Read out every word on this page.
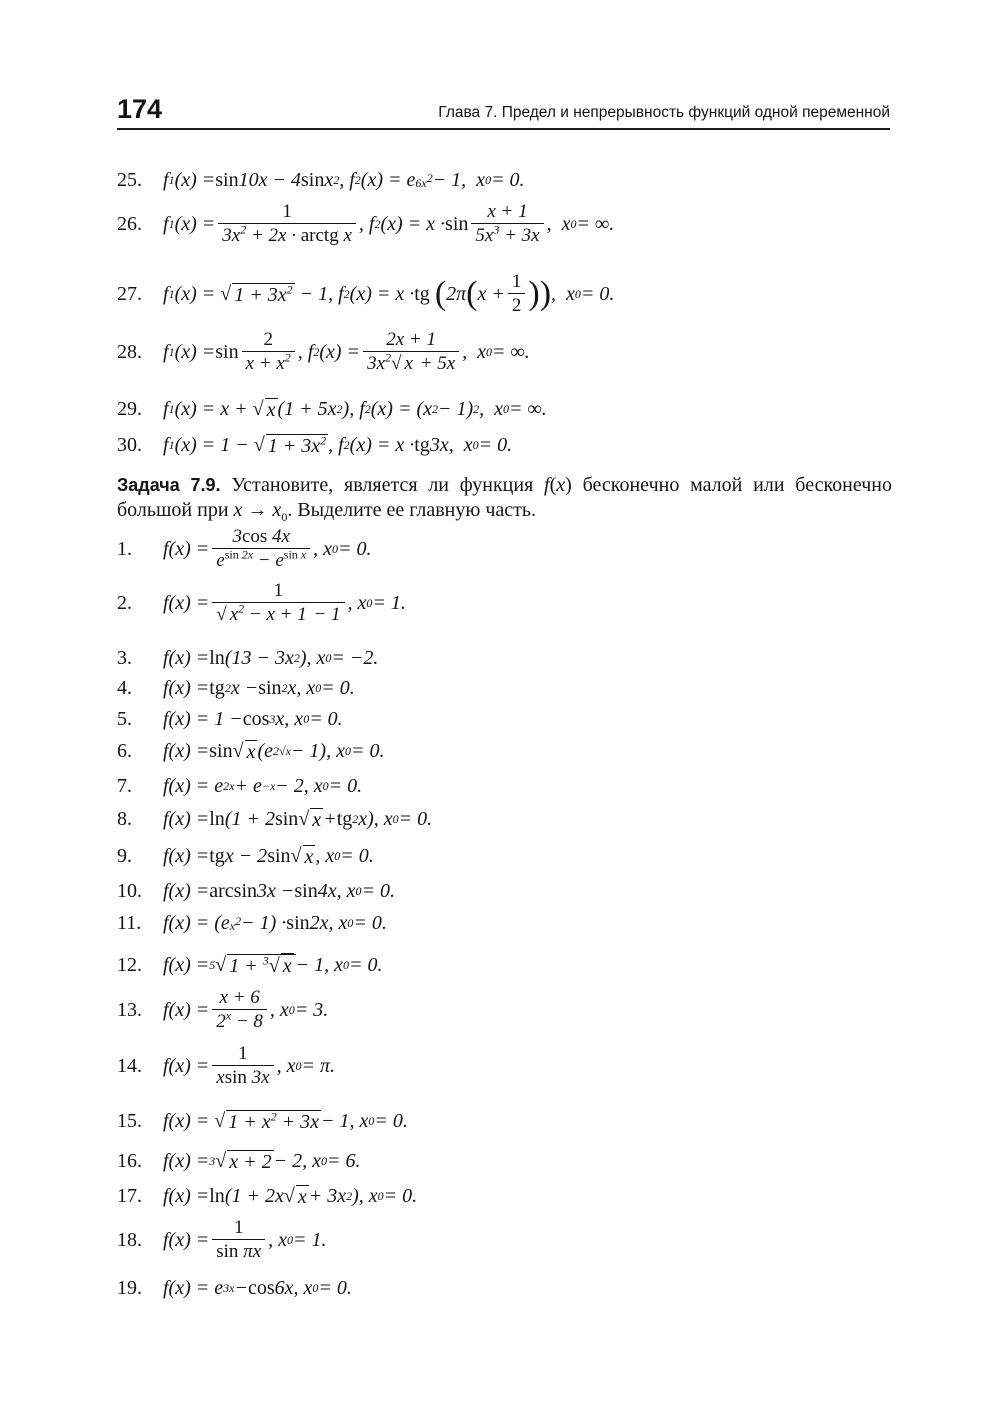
174	Глава 7. Предел и непрерывность функций одной переменной
25.	f 1 (x) = sin 10x − 4 sin x 2 , f 2 (x) = e $6x^2 - 1$,  x 0 = 0.
26.	f 1 $(x) = \frac{1}{3x^2 + 2x \cdot arctg x}$ , f 2 $(x) = x \cdot \sin \frac{x + 1}{5x^3 + 3x}$ ,  x 0 = ∞.
27.	f 1 (x) = √ $1 + 3x^2 - 1$, f 2 (x) = x · tg
( 2π ( $x + \frac{1}{2}$ )) ,  x 0 = 0.
28.	f 1 $(x) = \sin \frac{2}{x + x^2}$ , f 2 $(x) = \frac{2x + 1}{3x^2√ x + 5x}$ ,  x 0 = ∞.
29.	f 1 (x) = x + √ x (1 + 5x 2 ), f 2 (x) = (x 2 − 1) 2 ,  x 0 = ∞.
30.	f 1 (x) = 1 − √ $1 + 3x^2$ , f 2 (x) = x · tg 3x,  x 0 = 0.
Задача 7.9. Установите, является ли функция f(x) бесконечно малой или бесконечно большой при $x \to x_0$. Выделите ее главную часть.
1.	$f(x) = \frac{3\cos 4x}{e^{sin 2x} - e^{sin x}}$ , x 0 = 0.
2.	$f(x) = \frac{1}{√ x^2 - x + 1 - 1}$ , x 0 = 1.
3.	f(x) = ln (13 − 3x 2 ), x 0 = −2.
4.	f(x) = tg 2 x − sin 2 x, x 0 = 0.
5.	f(x) = 1 − cos 3 x, x 0 = 0.
6.	f(x) = sin √ x (e 2√x − 1), x 0 = 0.
7.	f(x) = e 2x + e −x − 2, x 0 = 0.
8.	f(x) = ln (1 + 2 sin √ x + tg 2 x), x 0 = 0.
9.	f(x) = tg x − 2 sin √ x , x 0 = 0.
10.	f(x) = arcsin 3x − sin 4x, x 0 = 0.
11.	f(x) = (e $x^2 - 1) \cdot \sin 2x$, x 0 = 0.
12.	f(x) = 5 √ 1 + $^3$√ x − 1, x 0 = 0.
13.	$f(x) = \frac{x + 6}{2^x - 8}$ , x 0 = 3.
14.	$f(x) = \frac{1}{xsin 3x}$ , x 0 = π.
15.	f(x) = √ $1 + x^2 + 3x - 1$, x 0 = 0.
16.	f(x) = 3 √ x + 2 − 2, x 0 = 6.
17.	f(x) = ln (1 + 2x√ x + 3x 2 ), x 0 = 0.
18.	$f(x) = \frac{1}{\text{sin πx}}$ , x 0 = 1.
19.	f(x) = e 3x − cos 6x, x 0 = 0.
